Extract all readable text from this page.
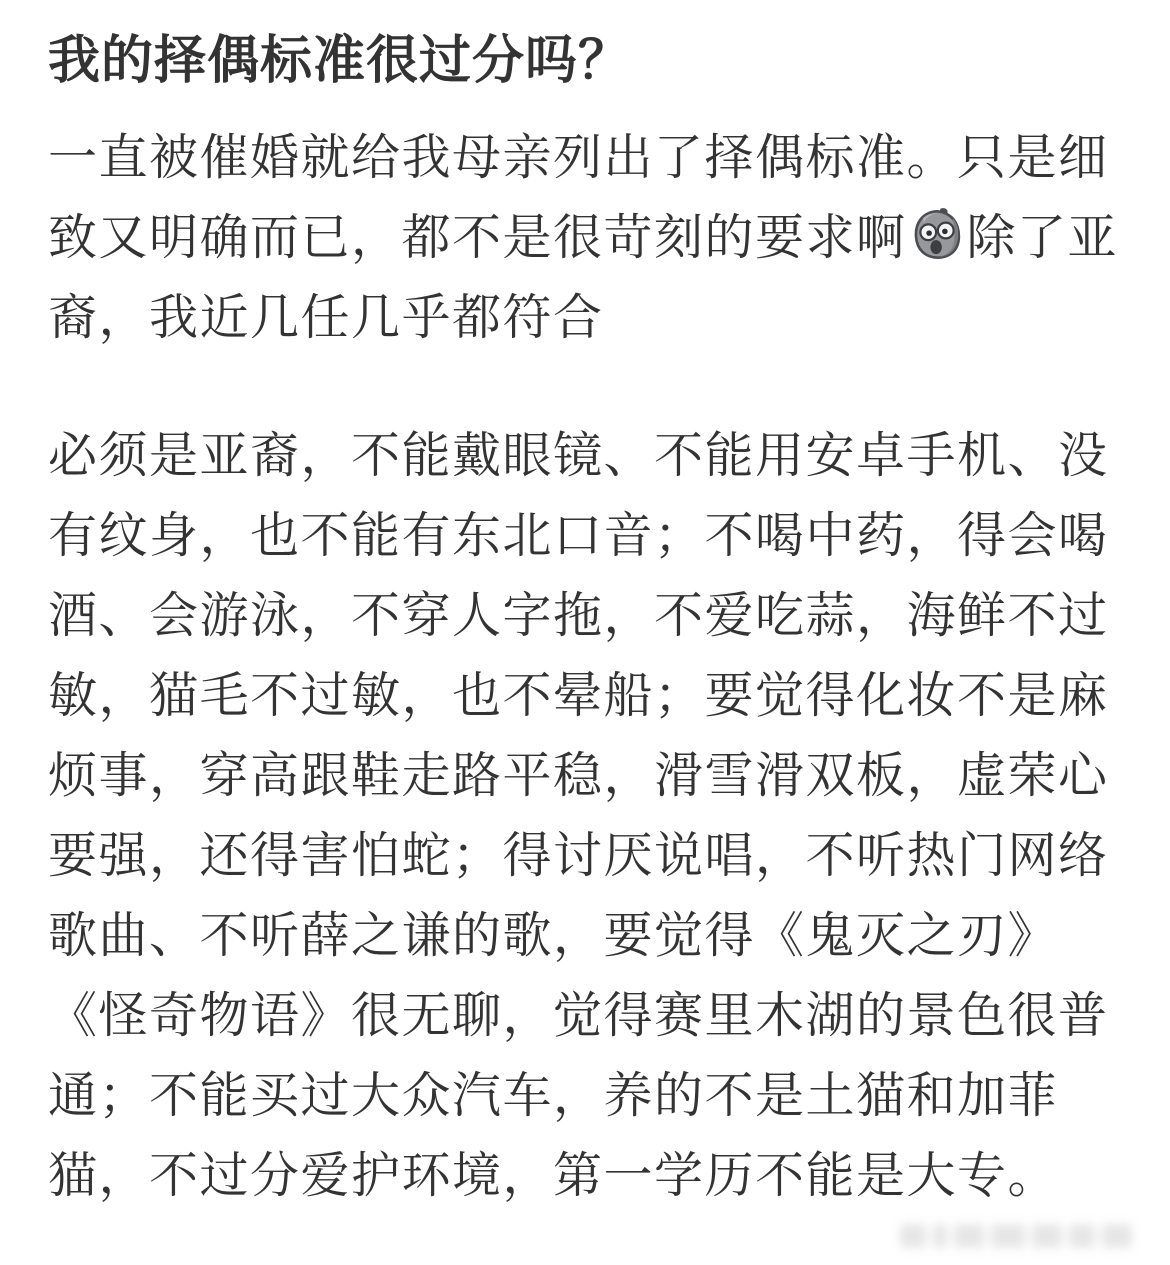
我的择偶标准很过分吗？
一直被催婚就给我母亲列出了择偶标准。只是细
致又明确而已，都不是很苛刻的要求啊 除了亚
裔，我近几任几乎都符合
必须是亚裔，不能戴眼镜、不能用安卓手机、没
有纹身，也不能有东北口音；不喝中药，得会喝
酒、会游泳，不穿人字拖，不爱吃蒜，海鲜不过
敏，猫毛不过敏，也不晕船；要觉得化妆不是麻
烦事，穿高跟鞋走路平稳，滑雪滑双板，虚荣心
要强，还得害怕蛇；得讨厌说唱，不听热门网络
歌曲、不听薛之谦的歌，要觉得《鬼灭之刃》
《怪奇物语》很无聊，觉得赛里木湖的景色很普
通；不能买过大众汽车，养的不是土猫和加菲
猫，不过分爱护环境，第一学历不能是大专。
